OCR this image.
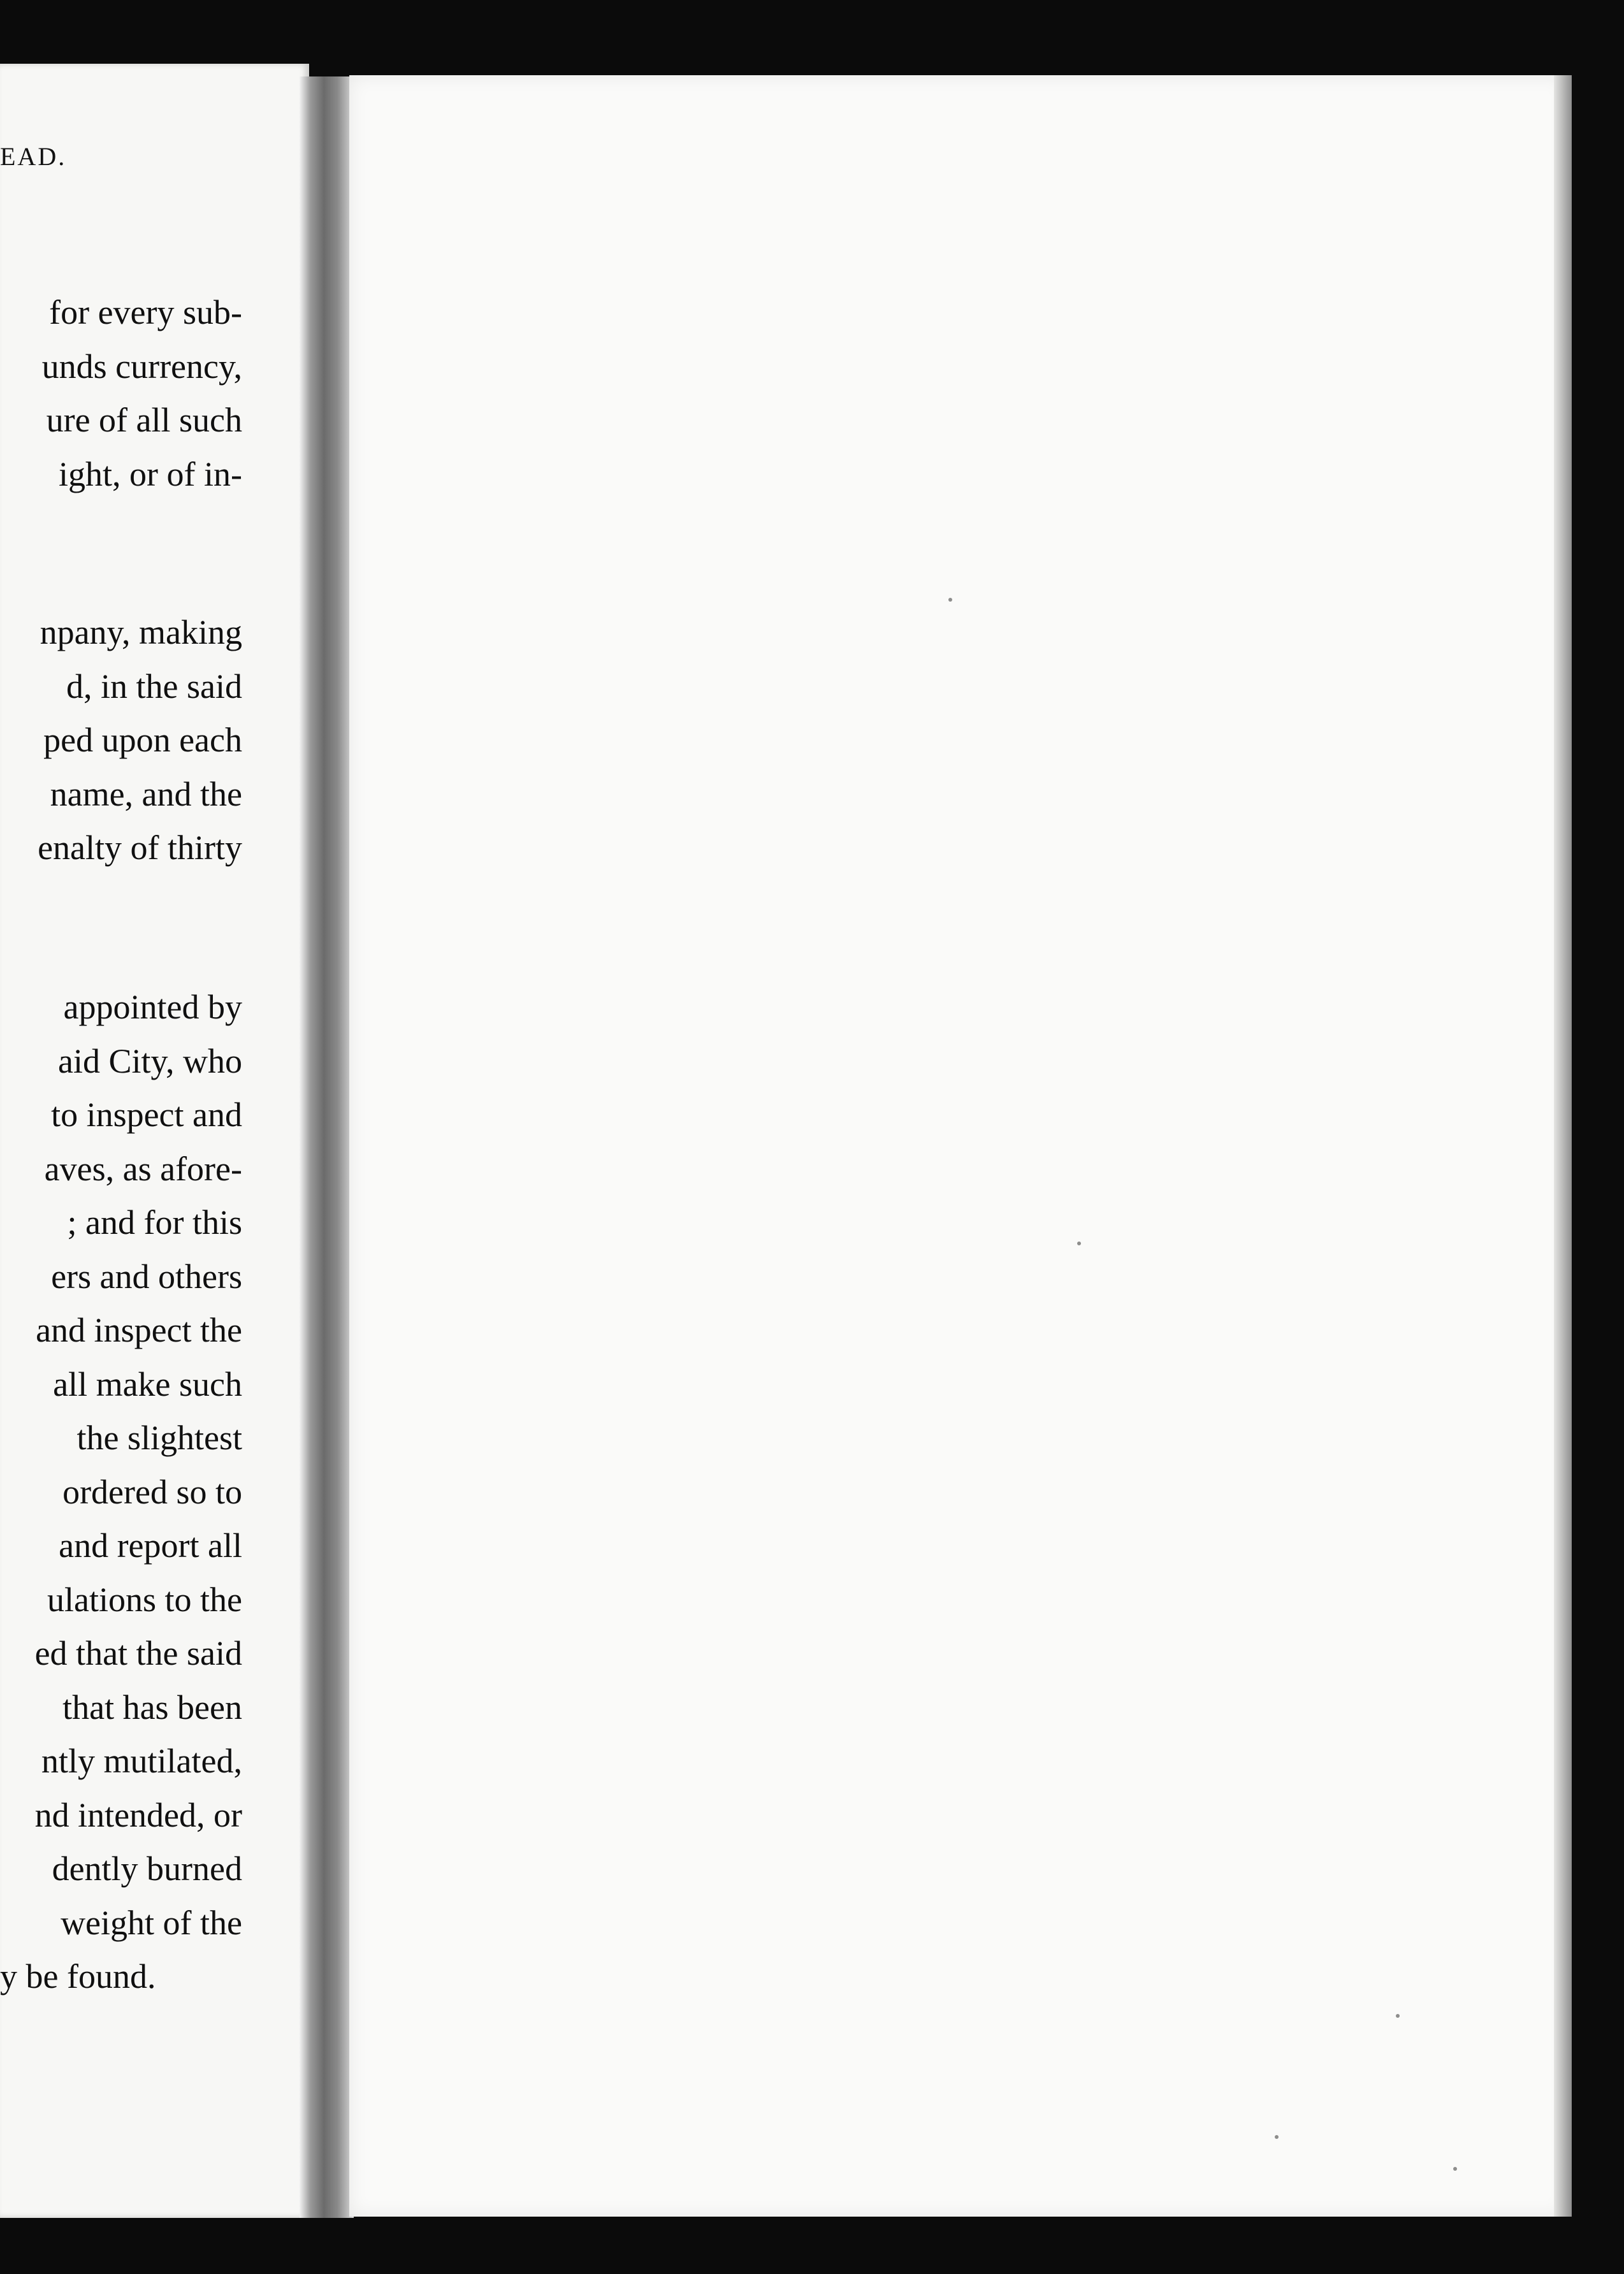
EAD.
for every sub-
unds currency,
ure of all such
ight, or of in-
npany, making
d, in the said
ped upon each
name, and the
enalty of thirty
appointed by
aid City, who
to inspect and
aves, as afore-
; and for this
ers and others
and inspect the
all make such
the slightest
ordered so to
and report all
ulations to the
ed that the said
that has been
ntly mutilated,
nd intended, or
dently burned
weight of the
y be found.
